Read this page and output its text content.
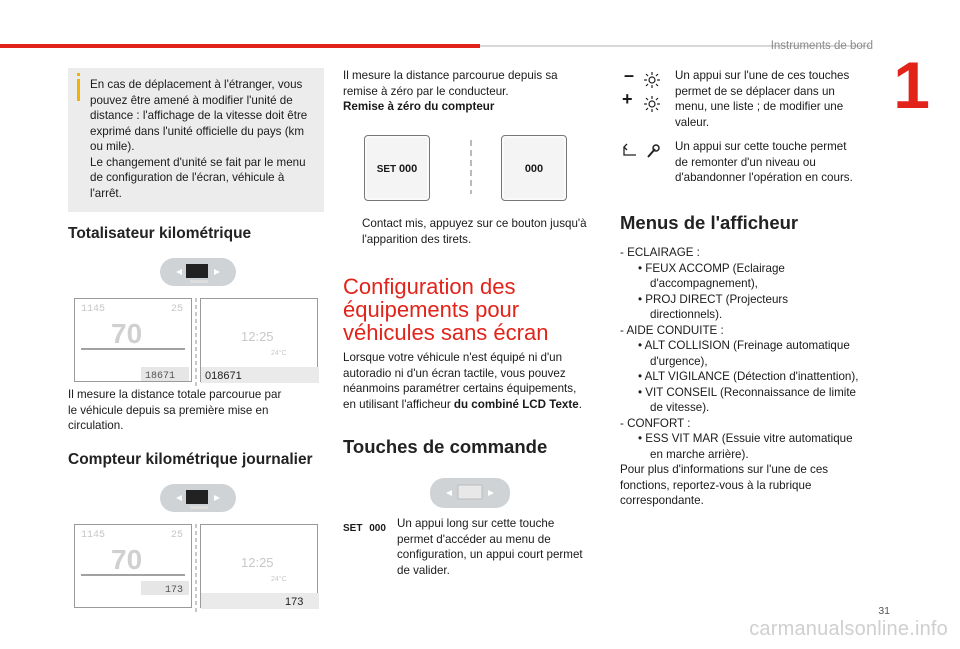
Instruments de bord
1
31
carmanualsonline.info
En cas de déplacement à l'étranger, vous
pouvez être amené à modifier l'unité de
distance : l'affichage de la vitesse doit être
exprimé dans l'unité officielle du pays (km
ou mile).
Le changement d'unité se fait par le menu
de configuration de l'écran, véhicule à
l'arrêt.
Totalisateur kilométrique
1145	25
70
18671
12:25
24°C
018671
Il mesure la distance totale parcourue par
le véhicule depuis sa première mise en
circulation.
Compteur kilométrique journalier
1145	25
70
173
12:25
24°C
173
Il mesure la distance parcourue depuis sa
remise à zéro par le conducteur.
Remise à zéro du compteur
SET 000	000
Contact mis, appuyez sur ce bouton jusqu'à
l'apparition des tirets.
Configuration des
équipements pour
véhicules sans écran
Lorsque votre véhicule n'est équipé ni d'un
autoradio ni d'un écran tactile, vous pouvez
néanmoins paramétrer certains équipements,
en utilisant l'afficheur du combiné LCD Texte.
Touches de commande
SET 000 Un appui long sur cette touche
permet d'accéder au menu de
configuration, un appui court permet
de valider.
–
+
Un appui sur l'une de ces touches
permet de se déplacer dans un
menu, une liste ; de modifier une
valeur.
Un appui sur cette touche permet
de remonter d'un niveau ou
d'abandonner l'opération en cours.
Menus de l'afficheur
- ECLAIRAGE :
• FEUX ACCOMP (Eclairage
d'accompagnement),
• PROJ DIRECT (Projecteurs
directionnels).
- AIDE CONDUITE :
• ALT COLLISION (Freinage automatique
d'urgence),
• ALT VIGILANCE (Détection d'inattention),
• VIT CONSEIL (Reconnaissance de limite
de vitesse).
- CONFORT :
• ESS VIT MAR (Essuie vitre automatique
en marche arrière).
Pour plus d'informations sur l'une de ces
fonctions, reportez-vous à la rubrique
correspondante.
